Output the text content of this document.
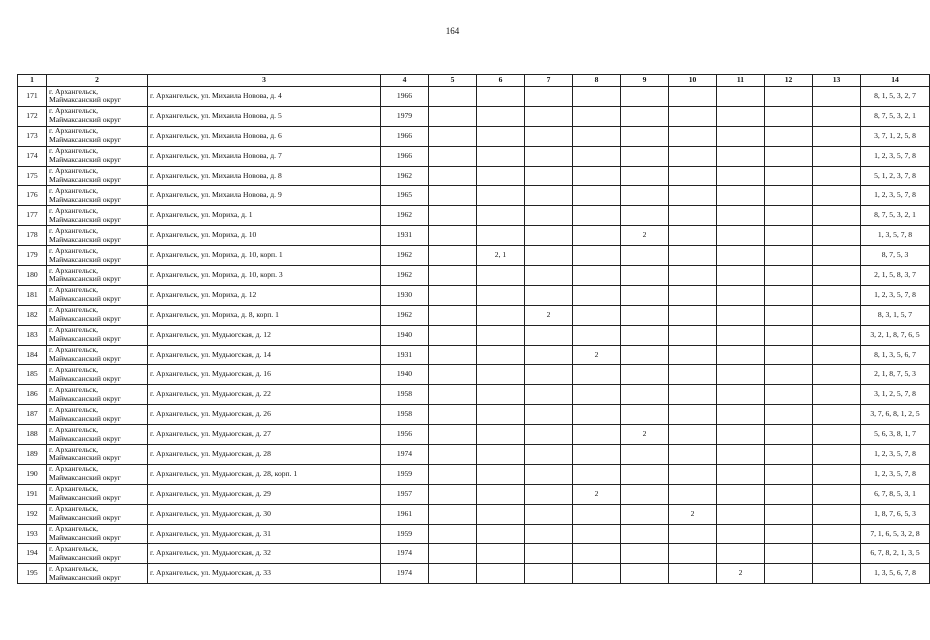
164
1	2	3	4	5	6	7	8	9	10	11	12	13	14
171	г. Архангельск, Маймаксанский округ	г. Архангельск, ул. Михаила Новова, д. 4	1966										8, 1, 5, 3, 2, 7
172	г. Архангельск, Маймаксанский округ	г. Архангельск, ул. Михаила Новова, д. 5	1979										8, 7, 5, 3, 2, 1
173	г. Архангельск, Маймаксанский округ	г. Архангельск, ул. Михаила Новова, д. 6	1966										3, 7, 1, 2, 5, 8
174	г. Архангельск, Маймаксанский округ	г. Архангельск, ул. Михаила Новова, д. 7	1966										1, 2, 3, 5, 7, 8
175	г. Архангельск, Маймаксанский округ	г. Архангельск, ул. Михаила Новова, д. 8	1962										5, 1, 2, 3, 7, 8
176	г. Архангельск, Маймаксанский округ	г. Архангельск, ул. Михаила Новова, д. 9	1965										1, 2, 3, 5, 7, 8
177	г. Архангельск, Маймаксанский округ	г. Архангельск, ул. Мориха, д. 1	1962										8, 7, 5, 3, 2, 1
178	г. Архангельск, Маймаксанский округ	г. Архангельск, ул. Мориха, д. 10	1931					2					1, 3, 5, 7, 8
179	г. Архангельск, Маймаксанский округ	г. Архангельск, ул. Мориха, д. 10, корп. 1	1962		2, 1								8, 7, 5, 3
180	г. Архангельск, Маймаксанский округ	г. Архангельск, ул. Мориха, д. 10, корп. 3	1962										2, 1, 5, 8, 3, 7
181	г. Архангельск, Маймаксанский округ	г. Архангельск, ул. Мориха, д. 12	1930										1, 2, 3, 5, 7, 8
182	г. Архангельск, Маймаксанский округ	г. Архангельск, ул. Мориха, д. 8, корп. 1	1962			2							8, 3, 1, 5, 7
183	г. Архангельск, Маймаксанский округ	г. Архангельск, ул. Мудьюгская, д. 12	1940										3, 2, 1, 8, 7, 6, 5
184	г. Архангельск, Маймаксанский округ	г. Архангельск, ул. Мудьюгская, д. 14	1931				2						8, 1, 3, 5, 6, 7
185	г. Архангельск, Маймаксанский округ	г. Архангельск, ул. Мудьюгская, д. 16	1940										2, 1, 8, 7, 5, 3
186	г. Архангельск, Маймаксанский округ	г. Архангельск, ул. Мудьюгская, д. 22	1958										3, 1, 2, 5, 7, 8
187	г. Архангельск, Маймаксанский округ	г. Архангельск, ул. Мудьюгская, д. 26	1958										3, 7, 6, 8, 1, 2, 5
188	г. Архангельск, Маймаксанский округ	г. Архангельск, ул. Мудьюгская, д. 27	1956					2					5, 6, 3, 8, 1, 7
189	г. Архангельск, Маймаксанский округ	г. Архангельск, ул. Мудьюгская, д. 28	1974										1, 2, 3, 5, 7, 8
190	г. Архангельск, Маймаксанский округ	г. Архангельск, ул. Мудьюгская, д. 28, корп. 1	1959										1, 2, 3, 5, 7, 8
191	г. Архангельск, Маймаксанский округ	г. Архангельск, ул. Мудьюгская, д. 29	1957				2						6, 7, 8, 5, 3, 1
192	г. Архангельск, Маймаксанский округ	г. Архангельск, ул. Мудьюгская, д. 30	1961						2				1, 8, 7, 6, 5, 3
193	г. Архангельск, Маймаксанский округ	г. Архангельск, ул. Мудьюгская, д. 31	1959										7, 1, 6, 5, 3, 2, 8
194	г. Архангельск, Маймаксанский округ	г. Архангельск, ул. Мудьюгская, д. 32	1974										6, 7, 8, 2, 1, 3, 5
195	г. Архангельск, Маймаксанский округ	г. Архангельск, ул. Мудьюгская, д. 33	1974							2			1, 3, 5, 6, 7, 8
